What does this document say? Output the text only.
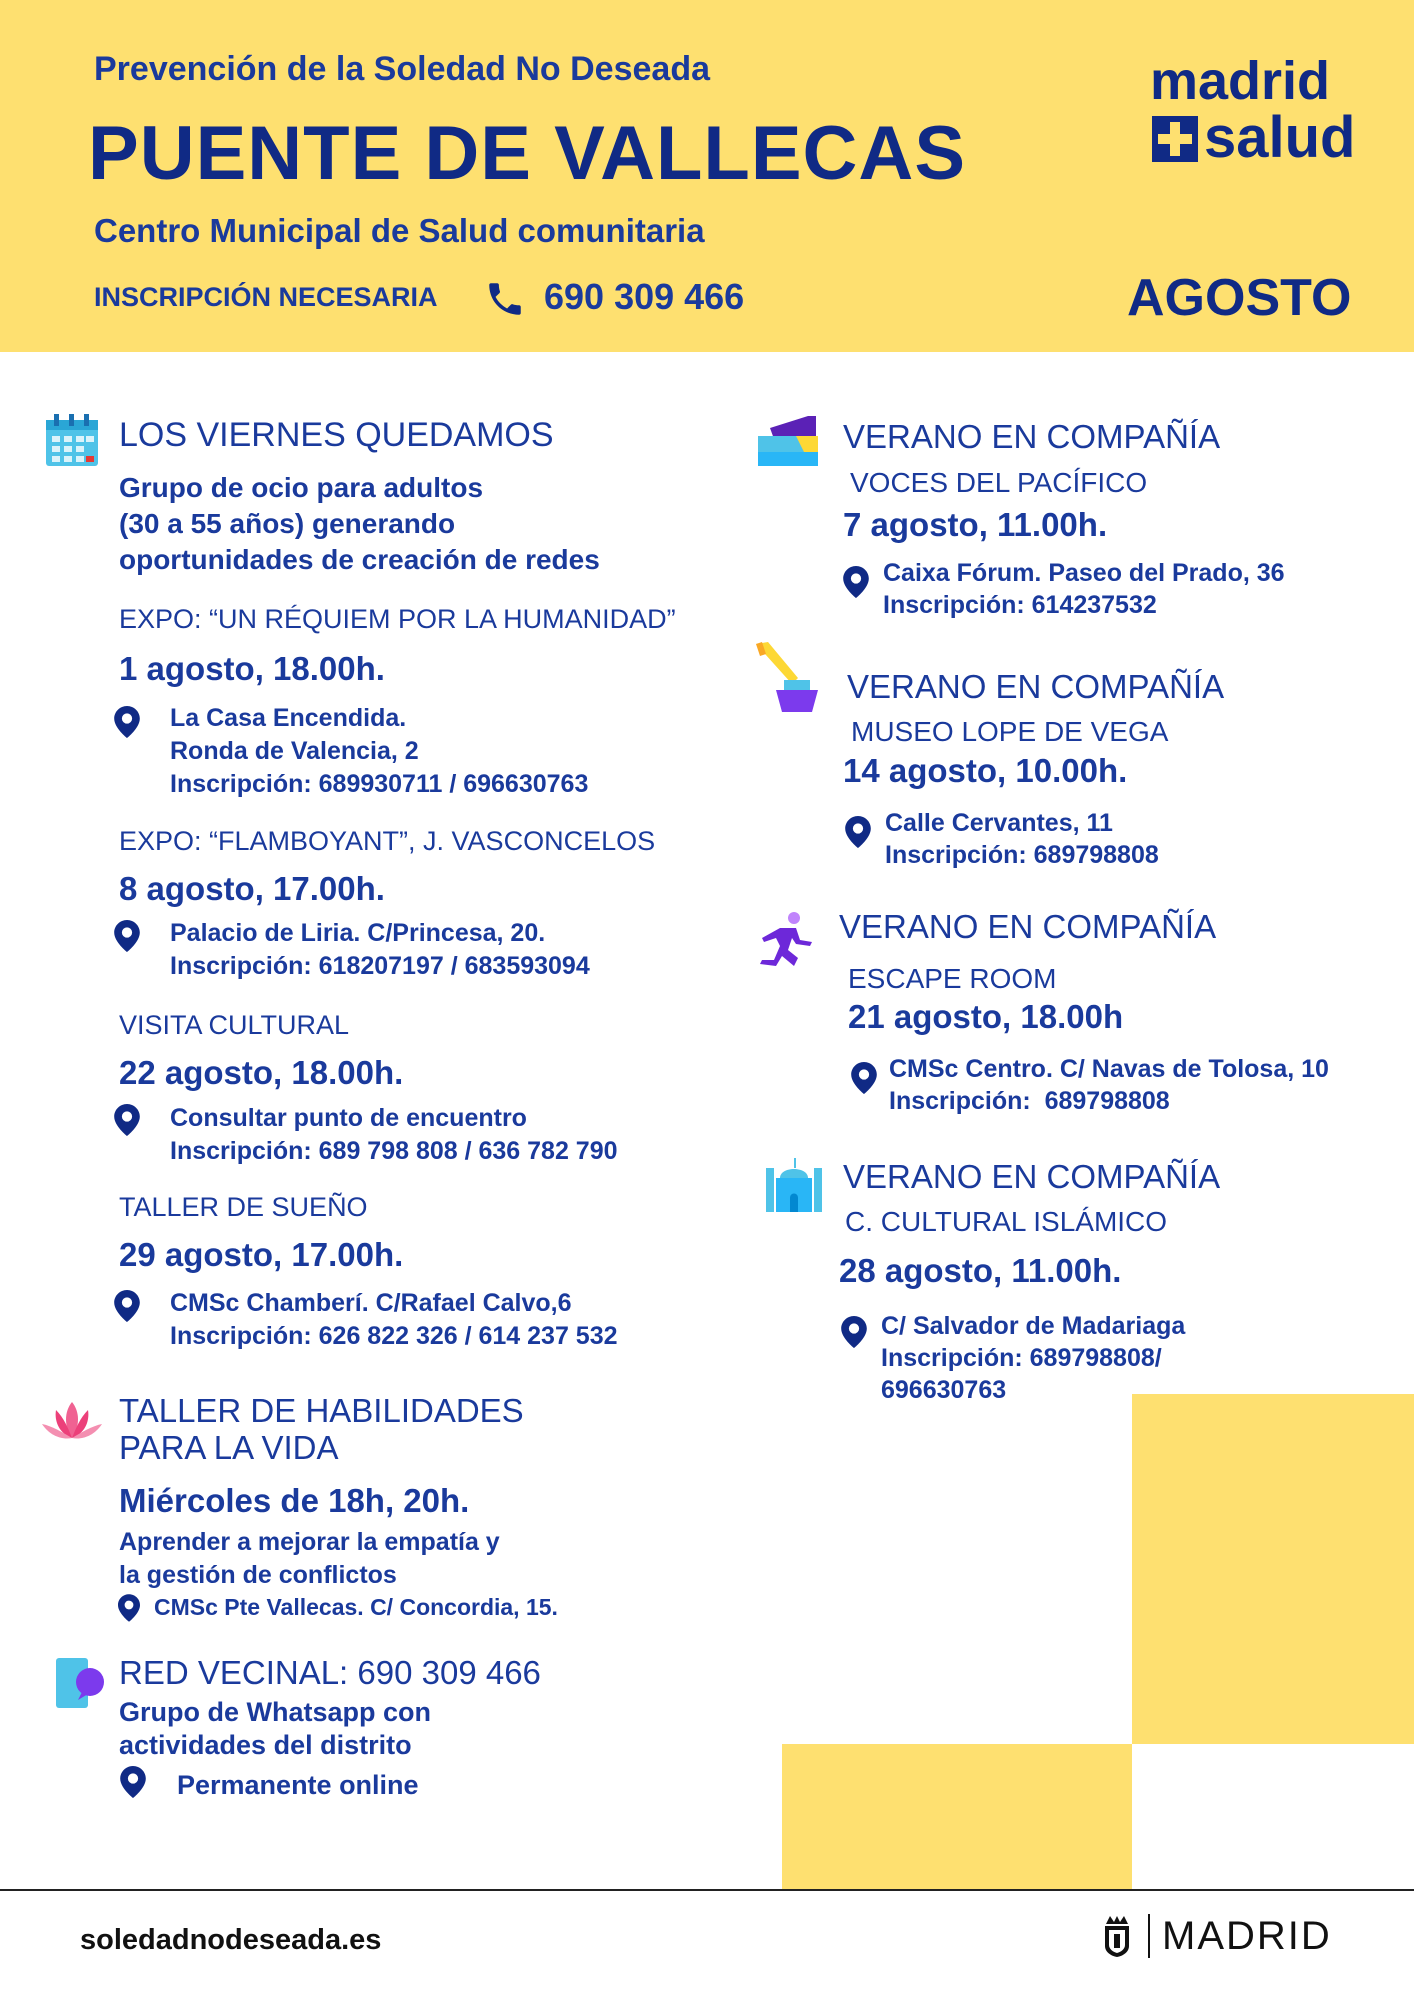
Prevención de la Soledad No Deseada
PUENTE DE VALLECAS
Centro Municipal de Salud comunitaria
INSCRIPCIÓN NECESARIA	690 309 466	AGOSTO
madrid
salud
LOS VIERNES QUEDAMOS
Grupo de ocio para adultos
(30 a 55 años) generando
oportunidades de creación de redes
EXPO: “UN RÉQUIEM POR LA HUMANIDAD”
1 agosto, 18.00h.
La Casa Encendida.
Ronda de Valencia, 2
Inscripción: 689930711 / 696630763
EXPO: “FLAMBOYANT”, J. VASCONCELOS
8 agosto, 17.00h.
Palacio de Liria. C/Princesa, 20.
Inscripción: 618207197 / 683593094
VISITA CULTURAL
22 agosto, 18.00h.
Consultar punto de encuentro
Inscripción: 689 798 808 / 636 782 790
TALLER DE SUEÑO
29 agosto, 17.00h.
CMSc Chamberí. C/Rafael Calvo,6
Inscripción: 626 822 326 / 614 237 532
TALLER DE HABILIDADES
PARA LA VIDA
Miércoles de 18h, 20h.
Aprender a mejorar la empatía y
la gestión de conflictos
CMSc Pte Vallecas. C/ Concordia, 15.
RED VECINAL: 690 309 466
Grupo de Whatsapp con
actividades del distrito
Permanente online
VERANO EN COMPAÑÍA
VOCES DEL PACÍFICO
7 agosto, 11.00h.
Caixa Fórum. Paseo del Prado, 36
Inscripción: 614237532
VERANO EN COMPAÑÍA
MUSEO LOPE DE VEGA
14 agosto, 10.00h.
Calle Cervantes, 11
Inscripción: 689798808
VERANO EN COMPAÑÍA
ESCAPE ROOM
21 agosto, 18.00h
CMSc Centro. C/ Navas de Tolosa, 10
Inscripción:  689798808
VERANO EN COMPAÑÍA
C. CULTURAL ISLÁMICO
28 agosto, 11.00h.
C/ Salvador de Madariaga
Inscripción: 689798808/
696630763
soledadnodeseada.es	MADRID
